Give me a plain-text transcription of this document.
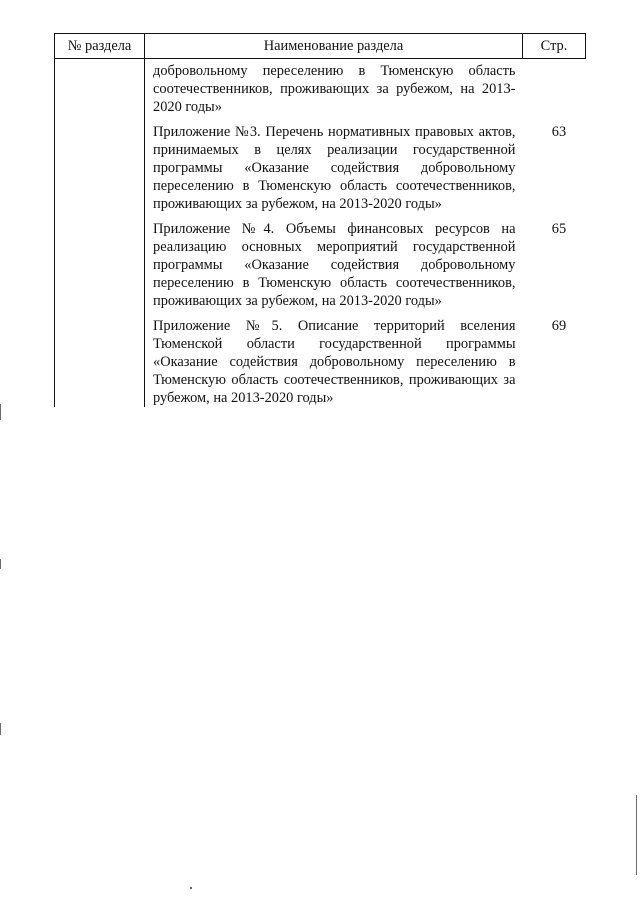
№ раздела	Наименование раздела	Стр.
	добровольному переселению в Тюменскую область соотечественников, проживающих за рубежом, на 2013-2020 годы»	

	Приложение №3. Перечень нормативных правовых актов, принимаемых в целях реализации государственной программы «Оказание содействия добровольному переселению в Тюменскую область соотечественников, проживающих за рубежом, на 2013-2020 годы»	63

	Приложение №4. Объемы финансовых ресурсов на реализацию основных мероприятий государственной программы «Оказание содействия добровольному переселению в Тюменскую область соотечественников, проживающих за рубежом, на 2013-2020 годы»	65

	Приложение №5. Описание территорий вселения Тюменской области государственной программы «Оказание содействия добровольному переселению в Тюменскую область соотечественников, проживающих за рубежом, на 2013-2020 годы»	69
